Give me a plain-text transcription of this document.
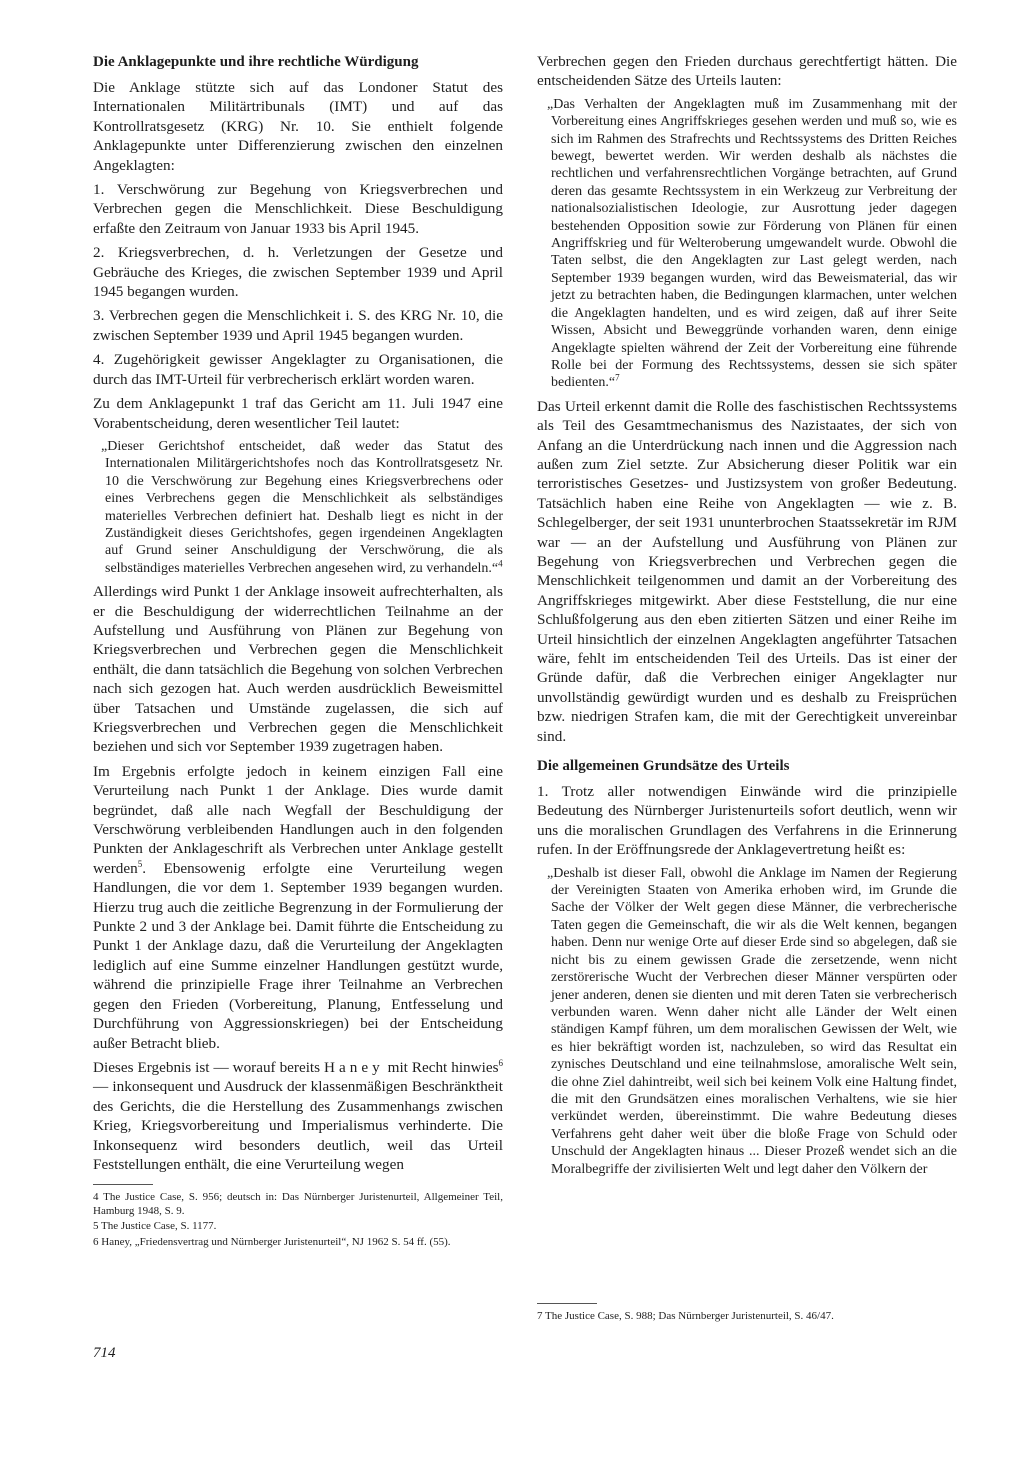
Die Anklagepunkte und ihre rechtliche Würdigung

Die Anklage stützte sich auf das Londoner Statut des Internationalen Militärtribunals (IMT) und auf das Kontrollratsgesetz (KRG) Nr. 10. Sie enthielt folgende Anklagepunkte unter Differenzierung zwischen den einzelnen Angeklagten:

1. Verschwörung zur Begehung von Kriegsverbrechen und Verbrechen gegen die Menschlichkeit. Diese Beschuldigung erfaßte den Zeitraum von Januar 1933 bis April 1945.

2. Kriegsverbrechen, d. h. Verletzungen der Gesetze und Gebräuche des Krieges, die zwischen September 1939 und April 1945 begangen wurden.

3. Verbrechen gegen die Menschlichkeit i. S. des KRG Nr. 10, die zwischen September 1939 und April 1945 begangen wurden.

4. Zugehörigkeit gewisser Angeklagter zu Organisationen, die durch das IMT-Urteil für verbrecherisch erklärt worden waren.

Zu dem Anklagepunkt 1 traf das Gericht am 11. Juli 1947 eine Vorabentscheidung, deren wesentlicher Teil lautet:

„Dieser Gerichtshof entscheidet, daß weder das Statut des Internationalen Militärgerichtshofes noch das Kontrollratsgesetz Nr. 10 die Verschwörung zur Begehung eines Kriegsverbrechens oder eines Verbrechens gegen die Menschlichkeit als selbständiges materielles Verbrechen definiert hat. Deshalb liegt es nicht in der Zuständigkeit dieses Gerichtshofes, gegen irgendeinen Angeklagten auf Grund seiner Anschuldigung der Verschwörung, die als selbständiges materielles Verbrechen angesehen wird, zu verhandeln.“$^4$

Allerdings wird Punkt 1 der Anklage insoweit aufrechterhalten, als er die Beschuldigung der widerrechtlichen Teilnahme an der Aufstellung und Ausführung von Plänen zur Begehung von Kriegsverbrechen und Verbrechen gegen die Menschlichkeit enthält, die dann tatsächlich die Begehung von solchen Verbrechen nach sich gezogen hat. Auch werden ausdrücklich Beweismittel über Tatsachen und Umstände zugelassen, die sich auf Kriegsverbrechen und Verbrechen gegen die Menschlichkeit beziehen und sich vor September 1939 zugetragen haben.

Im Ergebnis erfolgte jedoch in keinem einzigen Fall eine Verurteilung nach Punkt 1 der Anklage. Dies wurde damit begründet, daß alle nach Wegfall der Beschuldigung der Verschwörung verbleibenden Handlungen auch in den folgenden Punkten der Anklageschrift als Verbrechen unter Anklage gestellt werden$^5$. Ebensowenig erfolgte eine Verurteilung wegen Handlungen, die vor dem 1. September 1939 begangen wurden. Hierzu trug auch die zeitliche Begrenzung in der Formulierung der Punkte 2 und 3 der Anklage bei. Damit führte die Entscheidung zu Punkt 1 der Anklage dazu, daß die Verurteilung der Angeklagten lediglich auf eine Summe einzelner Handlungen gestützt wurde, während die prinzipielle Frage ihrer Teilnahme an Verbrechen gegen den Frieden (Vorbereitung, Planung, Entfesselung und Durchführung von Aggressionskriegen) bei der Entscheidung außer Betracht blieb.

Dieses Ergebnis ist — worauf bereits Haney mit Recht hinwies$^6$ — inkonsequent und Ausdruck der klassenmäßigen Beschränktheit des Gerichts, die die Herstellung des Zusammenhangs zwischen Krieg, Kriegsvorbereitung und Imperialismus verhinderte. Die Inkonsequenz wird besonders deutlich, weil das Urteil Feststellungen enthält, die eine Verurteilung wegen

4 The Justice Case, S. 956; deutsch in: Das Nürnberger Juristenurteil, Allgemeiner Teil, Hamburg 1948, S. 9.
5 The Justice Case, S. 1177.
6 Haney, „Friedensvertrag und Nürnberger Juristenurteil“, NJ 1962 S. 54 ff. (55).

Verbrechen gegen den Frieden durchaus gerechtfertigt hätten. Die entscheidenden Sätze des Urteils lauten:

„Das Verhalten der Angeklagten muß im Zusammenhang mit der Vorbereitung eines Angriffskrieges gesehen werden und muß so, wie es sich im Rahmen des Strafrechts und Rechtssystems des Dritten Reiches bewegt, bewertet werden. Wir werden deshalb als nächstes die rechtlichen und verfahrensrechtlichen Vorgänge betrachten, auf Grund deren das gesamte Rechtssystem in ein Werkzeug zur Verbreitung der nationalsozialistischen Ideologie, zur Ausrottung jeder dagegen bestehenden Opposition sowie zur Förderung von Plänen für einen Angriffskrieg und für Welteroberung umgewandelt wurde. Obwohl die Taten selbst, die den Angeklagten zur Last gelegt werden, nach September 1939 begangen wurden, wird das Beweismaterial, das wir jetzt zu betrachten haben, die Bedingungen klarmachen, unter welchen die Angeklagten handelten, und es wird zeigen, daß auf ihrer Seite Wissen, Absicht und Beweggründe vorhanden waren, denn einige Angeklagte spielten während der Zeit der Vorbereitung eine führende Rolle bei der Formung des Rechtssystems, dessen sie sich später bedienten.“$^7$

Das Urteil erkennt damit die Rolle des faschistischen Rechtssystems als Teil des Gesamtmechanismus des Nazistaates, der sich von Anfang an die Unterdrückung nach innen und die Aggression nach außen zum Ziel setzte. Zur Absicherung dieser Politik war ein terroristisches Gesetzes- und Justizsystem von großer Bedeutung. Tatsächlich haben eine Reihe von Angeklagten — wie z. B. Schlegelberger, der seit 1931 ununterbrochen Staatssekretär im RJM war — an der Aufstellung und Ausführung von Plänen zur Begehung von Kriegsverbrechen und Verbrechen gegen die Menschlichkeit teilgenommen und damit an der Vorbereitung des Angriffskrieges mitgewirkt. Aber diese Feststellung, die nur eine Schlußfolgerung aus den eben zitierten Sätzen und einer Reihe im Urteil hinsichtlich der einzelnen Angeklagten angeführter Tatsachen wäre, fehlt im entscheidenden Teil des Urteils. Das ist einer der Gründe dafür, daß die Verbrechen einiger Angeklagter nur unvollständig gewürdigt wurden und es deshalb zu Freisprüchen bzw. niedrigen Strafen kam, die mit der Gerechtigkeit unvereinbar sind.

Die allgemeinen Grundsätze des Urteils

1. Trotz aller notwendigen Einwände wird die prinzipielle Bedeutung des Nürnberger Juristenurteils sofort deutlich, wenn wir uns die moralischen Grundlagen des Verfahrens in die Erinnerung rufen. In der Eröffnungsrede der Anklagevertretung heißt es:

„Deshalb ist dieser Fall, obwohl die Anklage im Namen der Regierung der Vereinigten Staaten von Amerika erhoben wird, im Grunde die Sache der Völker der Welt gegen diese Männer, die verbrecherische Taten gegen die Gemeinschaft, die wir als die Welt kennen, begangen haben. Denn nur wenige Orte auf dieser Erde sind so abgelegen, daß sie nicht bis zu einem gewissen Grade die zersetzende, wenn nicht zerstörerische Wucht der Verbrechen dieser Männer verspürten oder jener anderen, denen sie dienten und mit deren Taten sie verbrecherisch verbunden waren. Wenn daher nicht alle Länder der Welt einen ständigen Kampf führen, um dem moralischen Gewissen der Welt, wie es hier bekräftigt worden ist, nachzuleben, so wird das Resultat ein zynisches Deutschland und eine teilnahmslose, amoralische Welt sein, die ohne Ziel dahintreibt, weil sich bei keinem Volk eine Haltung findet, die mit den Grundsätzen eines moralischen Verhaltens, wie sie hier verkündet werden, übereinstimmt. Die wahre Bedeutung dieses Verfahrens geht daher weit über die bloße Frage von Schuld oder Unschuld der Angeklagten hinaus ... Dieser Prozeß wendet sich an die Moralbegriffe der zivilisierten Welt und legt daher den Völkern der

7 The Justice Case, S. 988; Das Nürnberger Juristenurteil, S. 46/47.
714
